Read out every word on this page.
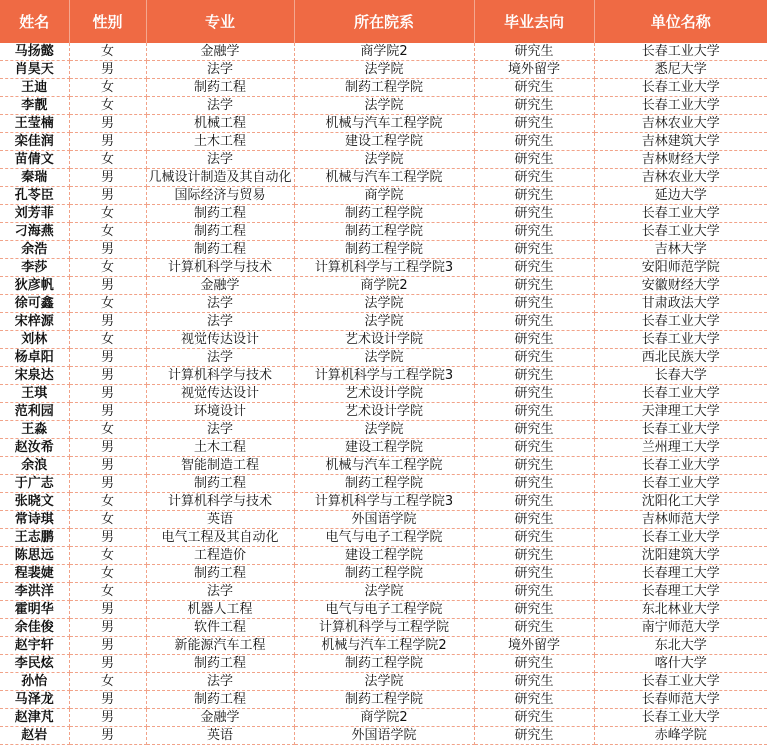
姓名	性别	专业	所在院系	毕业去向	单位名称
马扬懿	女	金融学	商学院2	研究生	长春工业大学
肖昊天	男	法学	法学院	境外留学	悉尼大学
王迪	女	制药工程	制药工程学院	研究生	长春工业大学
李靓	女	法学	法学院	研究生	长春工业大学
王莹楠	男	机械工程	机械与汽车工程学院	研究生	吉林农业大学
栾佳润	男	土木工程	建设工程学院	研究生	吉林建筑大学
苗倩文	女	法学	法学院	研究生	吉林财经大学
秦瑞	男	几械设计制造及其自动化	机械与汽车工程学院	研究生	吉林农业大学
孔苓臣	男	国际经济与贸易	商学院	研究生	延边大学
刘芳菲	女	制药工程	制药工程学院	研究生	长春工业大学
刁海燕	女	制药工程	制药工程学院	研究生	长春工业大学
余浩	男	制药工程	制药工程学院	研究生	吉林大学
李莎	女	计算机科学与技术	计算机科学与工程学院3	研究生	安阳师范学院
狄彦帆	男	金融学	商学院2	研究生	安徽财经大学
徐可鑫	女	法学	法学院	研究生	甘肃政法大学
宋梓源	男	法学	法学院	研究生	长春工业大学
刘林	女	视觉传达设计	艺术设计学院	研究生	长春工业大学
杨卓阳	男	法学	法学院	研究生	西北民族大学
宋泉达	男	计算机科学与技术	计算机科学与工程学院3	研究生	长春大学
王琪	男	视觉传达设计	艺术设计学院	研究生	长春工业大学
范利园	男	环境设计	艺术设计学院	研究生	天津理工大学
王淼	女	法学	法学院	研究生	长春工业大学
赵汝希	男	土木工程	建设工程学院	研究生	兰州理工大学
余浪	男	智能制造工程	机械与汽车工程学院	研究生	长春工业大学
于广志	男	制药工程	制药工程学院	研究生	长春工业大学
张晓文	女	计算机科学与技术	计算机科学与工程学院3	研究生	沈阳化工大学
常诗琪	女	英语	外国语学院	研究生	吉林师范大学
王志鹏	男	电气工程及其自动化	电气与电子工程学院	研究生	长春工业大学
陈思远	女	工程造价	建设工程学院	研究生	沈阳建筑大学
程裴婕	女	制药工程	制药工程学院	研究生	长春理工大学
李洪洋	女	法学	法学院	研究生	长春理工大学
霍明华	男	机器人工程	电气与电子工程学院	研究生	东北林业大学
余佳俊	男	软件工程	计算机科学与工程学院	研究生	南宁师范大学
赵宇轩	男	新能源汽车工程	机械与汽车工程学院2	境外留学	东北大学
李民炫	男	制药工程	制药工程学院	研究生	喀什大学
孙怡	女	法学	法学院	研究生	长春工业大学
马泽龙	男	制药工程	制药工程学院	研究生	长春师范大学
赵津芃	男	金融学	商学院2	研究生	长春工业大学
赵岩	男	英语	外国语学院	研究生	赤峰学院
